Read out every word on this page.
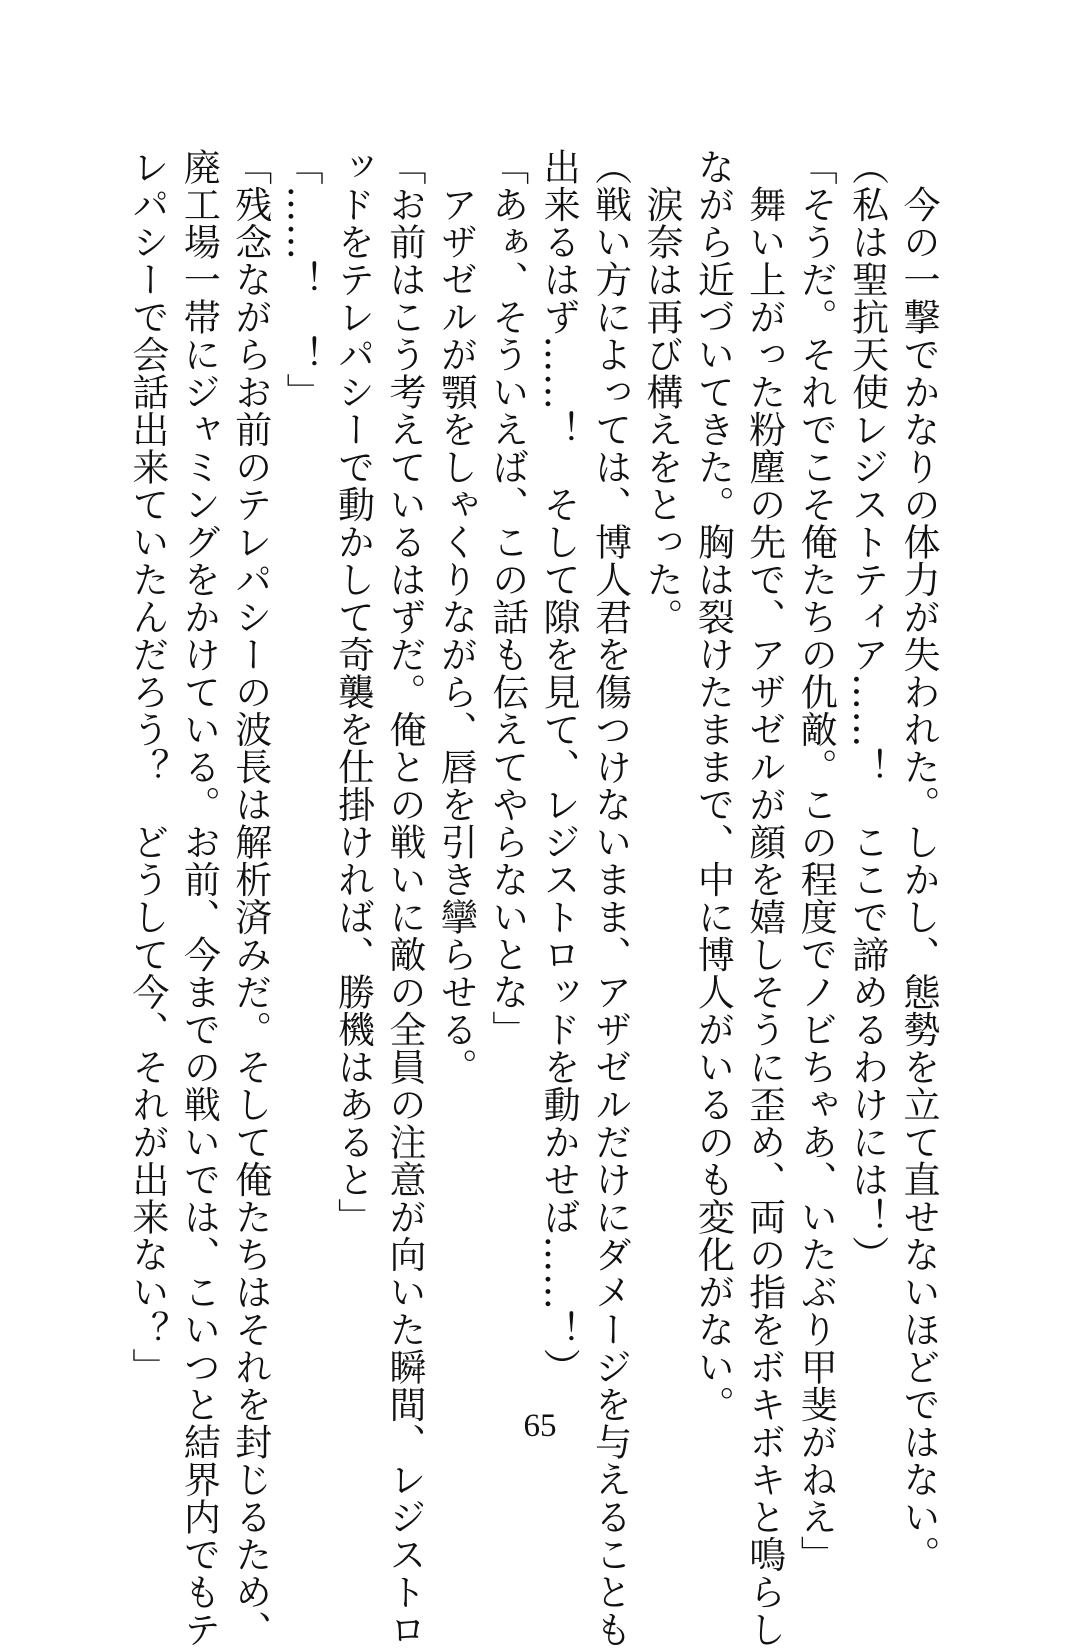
　今の一撃でかなりの体力が失われた。しかし、態勢を立て直せないほどではない。
（私は聖抗天使レジストティア……！　ここで諦めるわけには！）
「そうだ。それでこそ俺たちの仇敵。この程度でノビちゃあ、いたぶり甲斐がねえ」
　舞い上がった粉塵の先で、アザゼルが顔を嬉しそうに歪め、両の指をボキボキと鳴らし
ながら近づいてきた。胸は裂けたままで、中に博人がいるのも変化がない。
　涙奈は再び構えをとった。
（戦い方によっては、博人君を傷つけないまま、アザゼルだけにダメージを与えることも
出来るはず……！　そして隙を見て、レジストロッドを動かせば……！）
「あぁ、そういえば、この話も伝えてやらないとな」
　アザゼルが顎をしゃくりながら、唇を引き攣らせる。
「お前はこう考えているはずだ。俺との戦いに敵の全員の注意が向いた瞬間、レジストロ
ッドをテレパシーで動かして奇襲を仕掛ければ、勝機はあると」
「……！　！」
「残念ながらお前のテレパシーの波長は解析済みだ。そして俺たちはそれを封じるため、
廃工場一帯にジャミングをかけている。お前、今までの戦いでは、こいつと結界内でもテ
レパシーで会話出来ていたんだろう？　どうして今、それが出来ない？」
65
